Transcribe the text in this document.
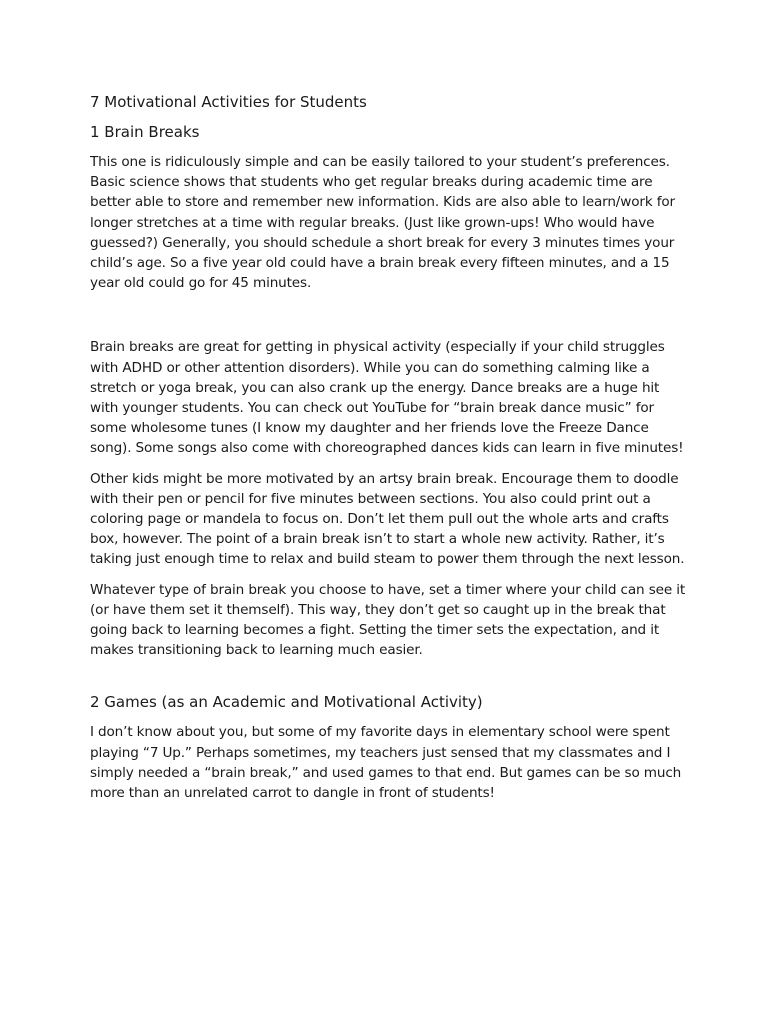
7 Motivational Activities for Students
1 Brain Breaks

This one is ridiculously simple and can be easily tailored to your student’s preferences. Basic science shows that students who get regular breaks during academic time are better able to store and remember new information. Kids are also able to learn/work for longer stretches at a time with regular breaks. (Just like grown-ups! Who would have guessed?) Generally, you should schedule a short break for every 3 minutes times your child’s age. So a five year old could have a brain break every fifteen minutes, and a 15 year old could go for 45 minutes.

Brain breaks are great for getting in physical activity (especially if your child struggles with ADHD or other attention disorders). While you can do something calming like a stretch or yoga break, you can also crank up the energy. Dance breaks are a huge hit with younger students. You can check out YouTube for “brain break dance music” for some wholesome tunes (I know my daughter and her friends love the Freeze Dance song). Some songs also come with choreographed dances kids can learn in five minutes!

Other kids might be more motivated by an artsy brain break. Encourage them to doodle with their pen or pencil for five minutes between sections. You also could print out a coloring page or mandela to focus on. Don’t let them pull out the whole arts and crafts box, however. The point of a brain break isn’t to start a whole new activity. Rather, it’s taking just enough time to relax and build steam to power them through the next lesson.

Whatever type of brain break you choose to have, set a timer where your child can see it (or have them set it themself). This way, they don’t get so caught up in the break that going back to learning becomes a fight. Setting the timer sets the expectation, and it makes transitioning back to learning much easier.

2 Games (as an Academic and Motivational Activity)

I don’t know about you, but some of my favorite days in elementary school were spent playing “7 Up.” Perhaps sometimes, my teachers just sensed that my classmates and I simply needed a “brain break,” and used games to that end. But games can be so much more than an unrelated carrot to dangle in front of students!
